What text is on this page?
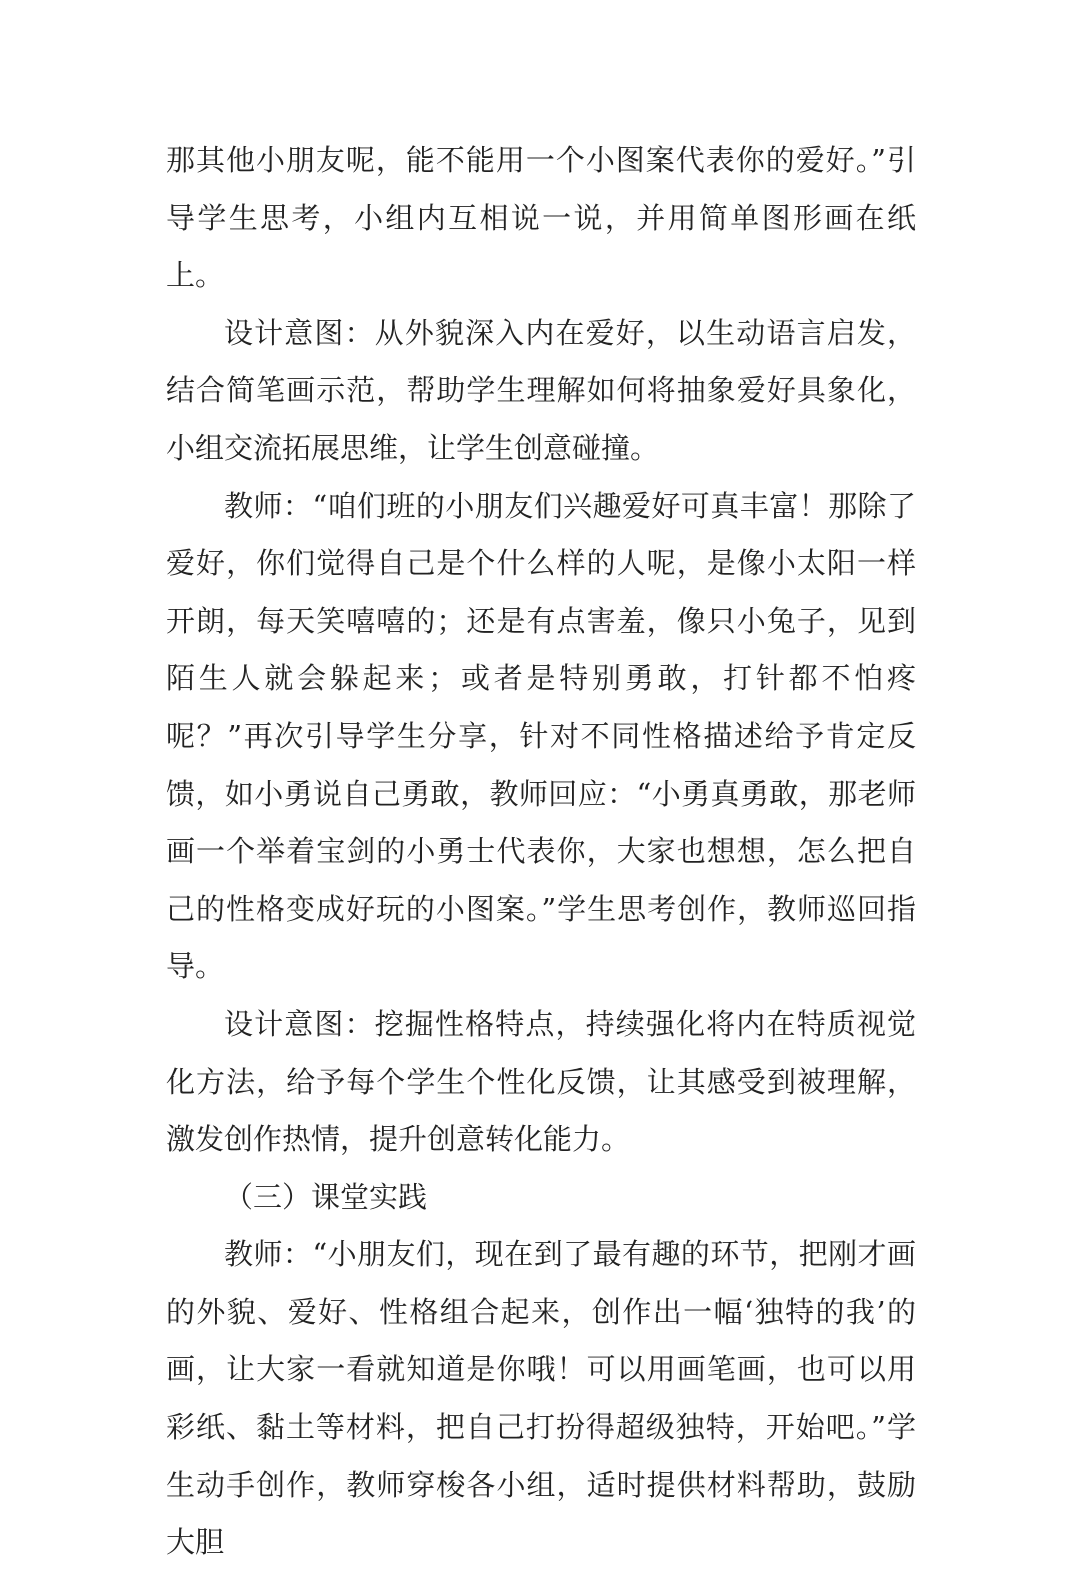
那其他小朋友呢，能不能用一个小图案代表你的爱好。”引导学生思考，小组内互相说一说，并用简单图形画在纸上。

设计意图：从外貌深入内在爱好，以生动语言启发，结合简笔画示范，帮助学生理解如何将抽象爱好具象化，小组交流拓展思维，让学生创意碰撞。

教师：“咱们班的小朋友们兴趣爱好可真丰富！那除了爱好，你们觉得自己是个什么样的人呢，是像小太阳一样开朗，每天笑嘻嘻的；还是有点害羞，像只小兔子，见到陌生人就会躲起来；或者是特别勇敢，打针都不怕疼呢？”再次引导学生分享，针对不同性格描述给予肯定反馈，如小勇说自己勇敢，教师回应：“小勇真勇敢，那老师画一个举着宝剑的小勇士代表你，大家也想想，怎么把自己的性格变成好玩的小图案。”学生思考创作，教师巡回指导。

设计意图：挖掘性格特点，持续强化将内在特质视觉化方法，给予每个学生个性化反馈，让其感受到被理解，激发创作热情，提升创意转化能力。

（三）课堂实践

教师：“小朋友们，现在到了最有趣的环节，把刚才画的外貌、爱好、性格组合起来，创作出一幅‘独特的我’的画，让大家一看就知道是你哦！可以用画笔画，也可以用彩纸、黏土等材料，把自己打扮得超级独特，开始吧。”学生动手创作，教师穿梭各小组，适时提供材料帮助，鼓励大胆
